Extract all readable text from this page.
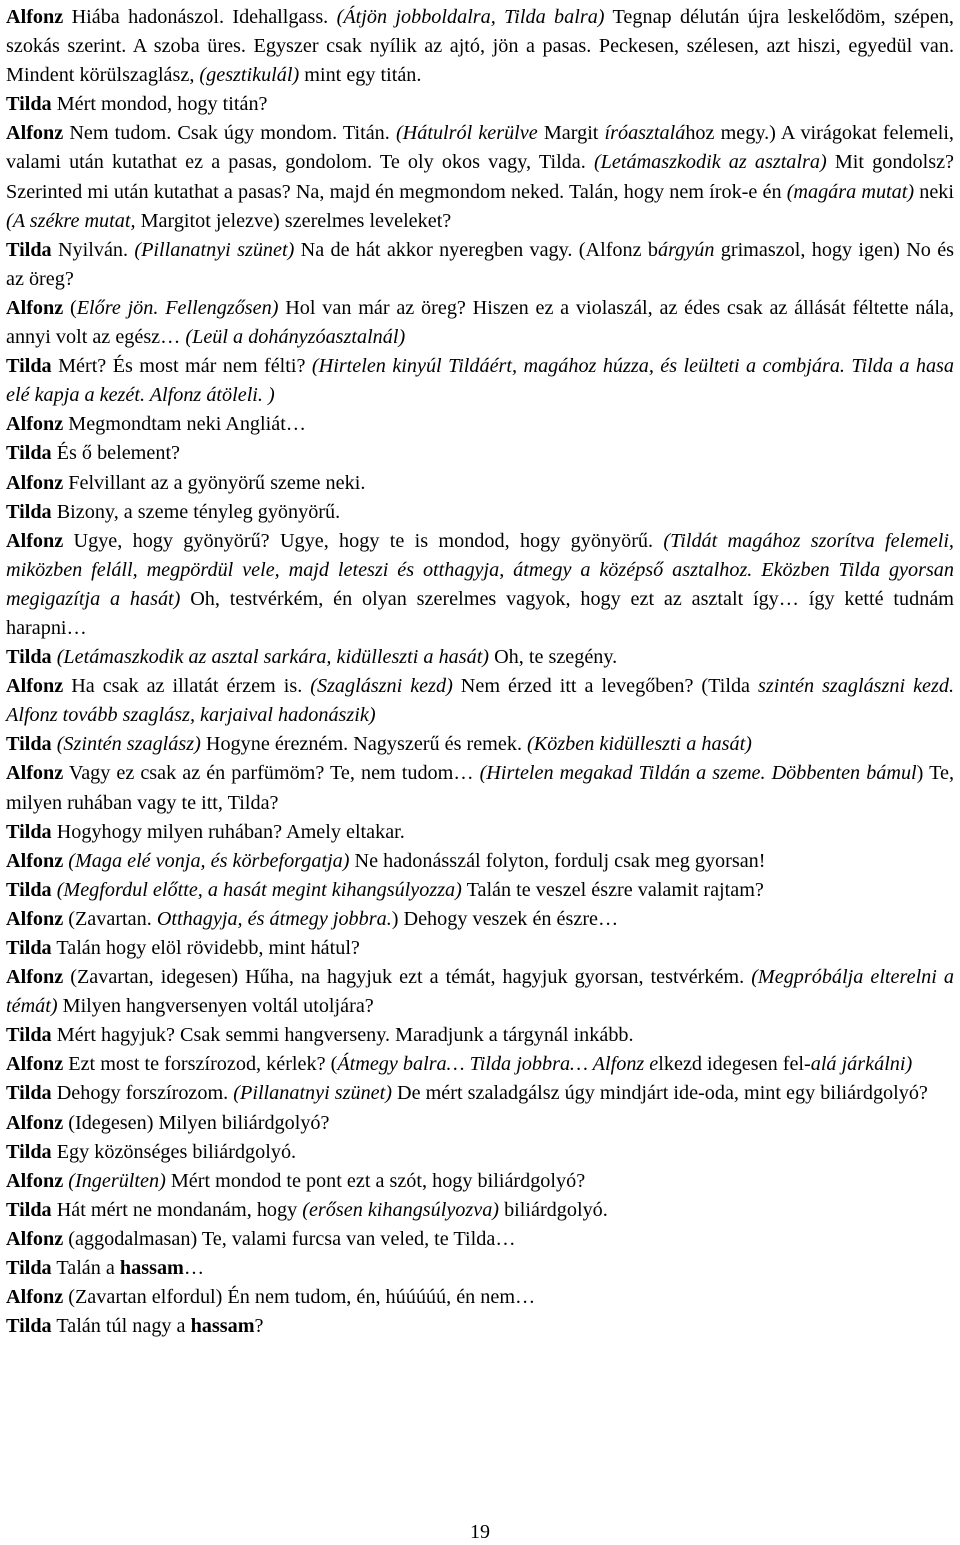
Alfonz Hiába hadonászol. Idehallgass. (Átjön jobboldalra, Tilda balra) Tegnap délután újra leskelődöm, szépen, szokás szerint. A szoba üres. Egyszer csak nyílik az ajtó, jön a pasas. Peckesen, szélesen, azt hiszi, egyedül van. Mindent körülszaglász, (gesztikulál) mint egy titán.

Tilda Mért mondod, hogy titán?

Alfonz Nem tudom. Csak úgy mondom. Titán. (Hátulról kerülve Margit íróasztalához megy.) A virágokat felemeli, valami után kutathat ez a pasas, gondolom. Te oly okos vagy, Tilda. (Letámaszkodik az asztalra) Mit gondolsz? Szerinted mi után kutathat a pasas? Na, majd én megmondom neked. Talán, hogy nem írok-e én (magára mutat) neki (A székre mutat, Margitot jelezve) szerelmes leveleket?

Tilda Nyilván. (Pillanatnyi szünet) Na de hát akkor nyeregben vagy. (Alfonz bárgyún grimaszol, hogy igen) No és az öreg?

Alfonz (Előre jön. Fellengzősen) Hol van már az öreg? Hiszen ez a violaszál, az édes csak az állását féltette nála, annyi volt az egész… (Leül a dohányzóasztalnál)

Tilda Mért? És most már nem félti? (Hirtelen kinyúl Tildáért, magához húzza, és leülteti a combjára. Tilda a hasa elé kapja a kezét. Alfonz átöleli. )

Alfonz Megmondtam neki Angliát…

Tilda És ő belement?

Alfonz Felvillant az a gyönyörű szeme neki.

Tilda Bizony, a szeme tényleg gyönyörű.

Alfonz Ugye, hogy gyönyörű? Ugye, hogy te is mondod, hogy gyönyörű. (Tildát magához szorítva felemeli, miközben feláll, megpördül vele, majd leteszi és otthagyja, átmegy a középső asztalhoz. Eközben Tilda gyorsan megigazítja a hasát) Oh, testvérkém, én olyan szerelmes vagyok, hogy ezt az asztalt így… így ketté tudnám harapni…

Tilda (Letámaszkodik az asztal sarkára, kidülleszti a hasát) Oh, te szegény.

Alfonz Ha csak az illatát érzem is. (Szaglászni kezd) Nem érzed itt a levegőben? (Tilda szintén szaglászni kezd. Alfonz tovább szaglász, karjaival hadonászik)

Tilda (Szintén szaglász) Hogyne érezném. Nagyszerű és remek. (Közben kidülleszti a hasát)

Alfonz Vagy ez csak az én parfümöm? Te, nem tudom… (Hirtelen megakad Tildán a szeme. Döbbenten bámul) Te, milyen ruhában vagy te itt, Tilda?

Tilda Hogyhogy milyen ruhában? Amely eltakar.

Alfonz (Maga elé vonja, és körbeforgatja) Ne hadonásszál folyton, fordulj csak meg gyorsan!

Tilda (Megfordul előtte, a hasát megint kihangsúlyozza) Talán te veszel észre valamit rajtam?

Alfonz (Zavartan. Otthagyja, és átmegy jobbra.) Dehogy veszek én észre…

Tilda Talán hogy elöl rövidebb, mint hátul?

Alfonz (Zavartan, idegesen) Hűha, na hagyjuk ezt a témát, hagyjuk gyorsan, testvérkém. (Megpróbálja elterelni a témát) Milyen hangversenyen voltál utoljára?

Tilda Mért hagyjuk? Csak semmi hangverseny. Maradjunk a tárgynál inkább.

Alfonz Ezt most te forszírozod, kérlek? (Átmegy balra… Tilda jobbra… Alfonz elkezd idegesen fel-alá járkálni)

Tilda Dehogy forszírozom. (Pillanatnyi szünet) De mért szaladgálsz úgy mindjárt ide-oda, mint egy biliárdgolyó?

Alfonz (Idegesen) Milyen biliárdgolyó?

Tilda Egy közönséges biliárdgolyó.

Alfonz (Ingerülten) Mért mondod te pont ezt a szót, hogy biliárdgolyó?

Tilda Hát mért ne mondanám, hogy (erősen kihangsúlyozva) biliárdgolyó.

Alfonz (aggodalmasan) Te, valami furcsa van veled, te Tilda…

Tilda Talán a hassam…

Alfonz (Zavartan elfordul) Én nem tudom, én, húúúúú, én nem…

Tilda Talán túl nagy a hassam?

19
